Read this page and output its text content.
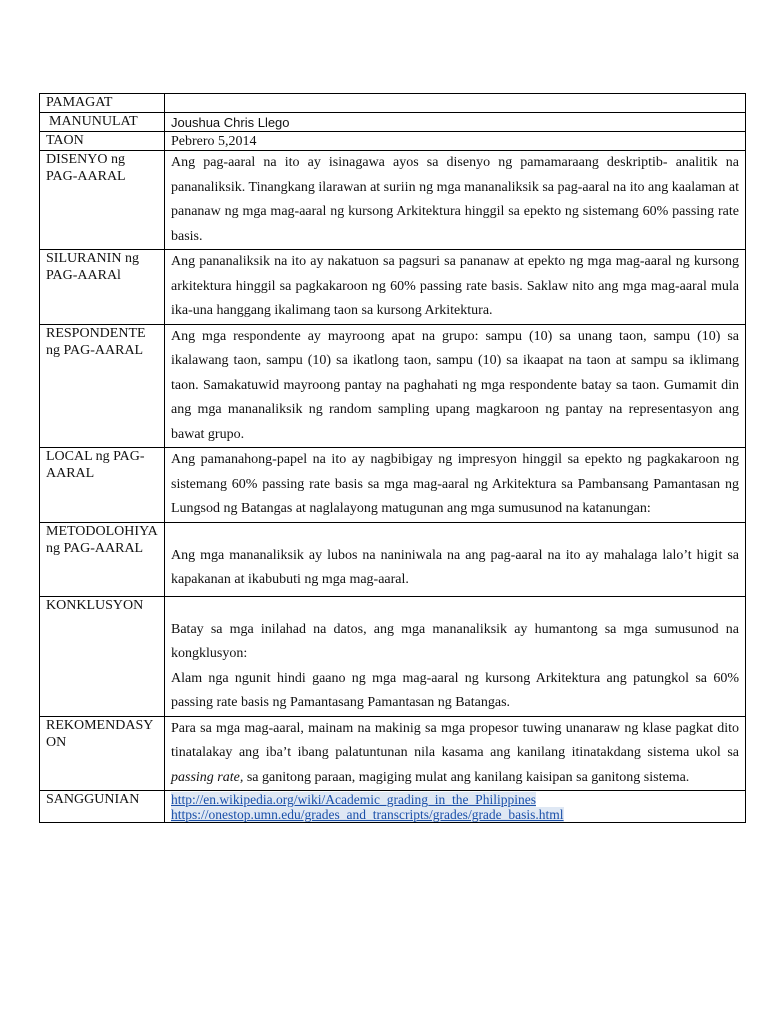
PAMAGAT	
MANUNULAT	Joushua Chris Llego
TAON	Pebrero 5,2014
DISENYO ng PAG-AARAL	Ang pag-aaral na ito ay isinagawa ayos sa disenyo ng pamamaraang deskriptib- analitik na pananaliksik. Tinangkang ilarawan at suriin ng mga mananaliksik sa pag-aaral na ito ang kaalaman at pananaw ng mga mag-aaral ng kursong Arkitektura hinggil sa epekto ng sistemang 60% passing rate basis.
SILURANIN ng PAG-AARAl	Ang pananaliksik na ito ay nakatuon sa pagsuri sa pananaw at epekto ng mga mag-aaral ng kursong arkitektura hinggil sa pagkakaroon ng 60% passing rate basis. Saklaw nito ang mga mag-aaral mula ika-una hanggang ikalimang taon sa kursong Arkitektura.
RESPONDENTE ng PAG-AARAL	Ang mga respondente ay mayroong apat na grupo: sampu (10) sa unang taon, sampu (10) sa ikalawang taon, sampu (10) sa ikatlong taon, sampu (10) sa ikaapat na taon at sampu sa iklimang taon. Samakatuwid mayroong pantay na paghahati ng mga respondente batay sa taon. Gumamit din ang mga mananaliksik ng random sampling upang magkaroon ng pantay na representasyon ang bawat grupo.
LOCAL ng PAG-AARAL	Ang pamanahong-papel na ito ay nagbibigay ng impresyon hinggil sa epekto ng pagkakaroon ng sistemang 60% passing rate basis sa mga mag-aaral ng Arkitektura sa Pambansang Pamantasan ng Lungsod ng Batangas at naglalayong matugunan ang mga sumusunod na katanungan:
METODOLOHIYA ng PAG-AARAL	Ang mga mananaliksik ay lubos na naniniwala na ang pag-aaral na ito ay mahalaga lalo’t higit sa kapakanan at ikabubuti ng mga mag-aaral.
KONKLUSYON	Batay sa mga inilahad na datos, ang mga mananaliksik ay humantong sa mga sumusunod na kongklusyon:
Alam nga ngunit hindi gaano ng mga mag-aaral ng kursong Arkitektura ang patungkol sa 60% passing rate basis ng Pamantasang Pamantasan ng Batangas.

REKOMENDASYON	Para sa mga mag-aaral, mainam na makinig sa mga propesor tuwing unanaraw ng klase pagkat dito tinatalakay ang iba’t ibang palatuntunan nila kasama ang kanilang itinatakdang sistema ukol sa passing rate, sa ganitong paraan, magiging mulat ang kanilang kaisipan sa ganitong sistema.
SANGGUNIAN	http://en.wikipedia.org/wiki/Academic_grading_in_the_Philippines
https://onestop.umn.edu/grades_and_transcripts/grades/grade_basis.html
